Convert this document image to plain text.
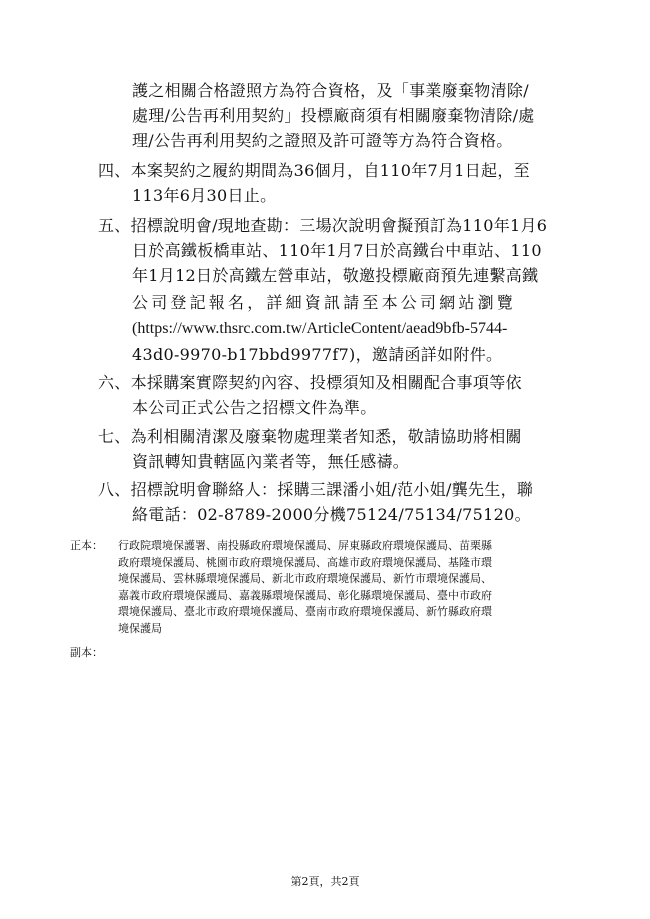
護之相關合格證照方為符合資格，及「事業廢棄物清除/
處理/公告再利用契約」投標廠商須有相關廢棄物清除/處
理/公告再利用契約之證照及許可證等方為符合資格。
四、本案契約之履約期間為36個月，自110年7月1日起，至
113年6月30日止。
五、招標說明會/現地查勘：三場次說明會擬預訂為110年1月6
日於高鐵板橋車站、110年1月7日於高鐵台中車站、110
年1月12日於高鐵左營車站，敬邀投標廠商預先連繫高鐵
公司登記報名，詳細資訊請至本公司網站瀏覽
(https://www.thsrc.com.tw/ArticleContent/aead9bfb-5744-
43d0-9970-b17bbd9977f7)，邀請函詳如附件。
六、本採購案實際契約內容、投標須知及相關配合事項等依
本公司正式公告之招標文件為準。
七、為利相關清潔及廢棄物處理業者知悉，敬請協助將相關
資訊轉知貴轄區內業者等，無任感禱。
八、招標說明會聯絡人：採購三課潘小姐/范小姐/龔先生，聯
絡電話：02-8789-2000分機75124/75134/75120。
正本： 行政院環境保護署、南投縣政府環境保護局、屏東縣政府環境保護局、苗栗縣
政府環境保護局、桃園市政府環境保護局、高雄市政府環境保護局、基隆市環
境保護局、雲林縣環境保護局、新北市政府環境保護局、新竹市環境保護局、
嘉義市政府環境保護局、嘉義縣環境保護局、彰化縣環境保護局、臺中市政府
環境保護局、臺北市政府環境保護局、臺南市政府環境保護局、新竹縣政府環
境保護局
副本：
第2頁，共2頁
